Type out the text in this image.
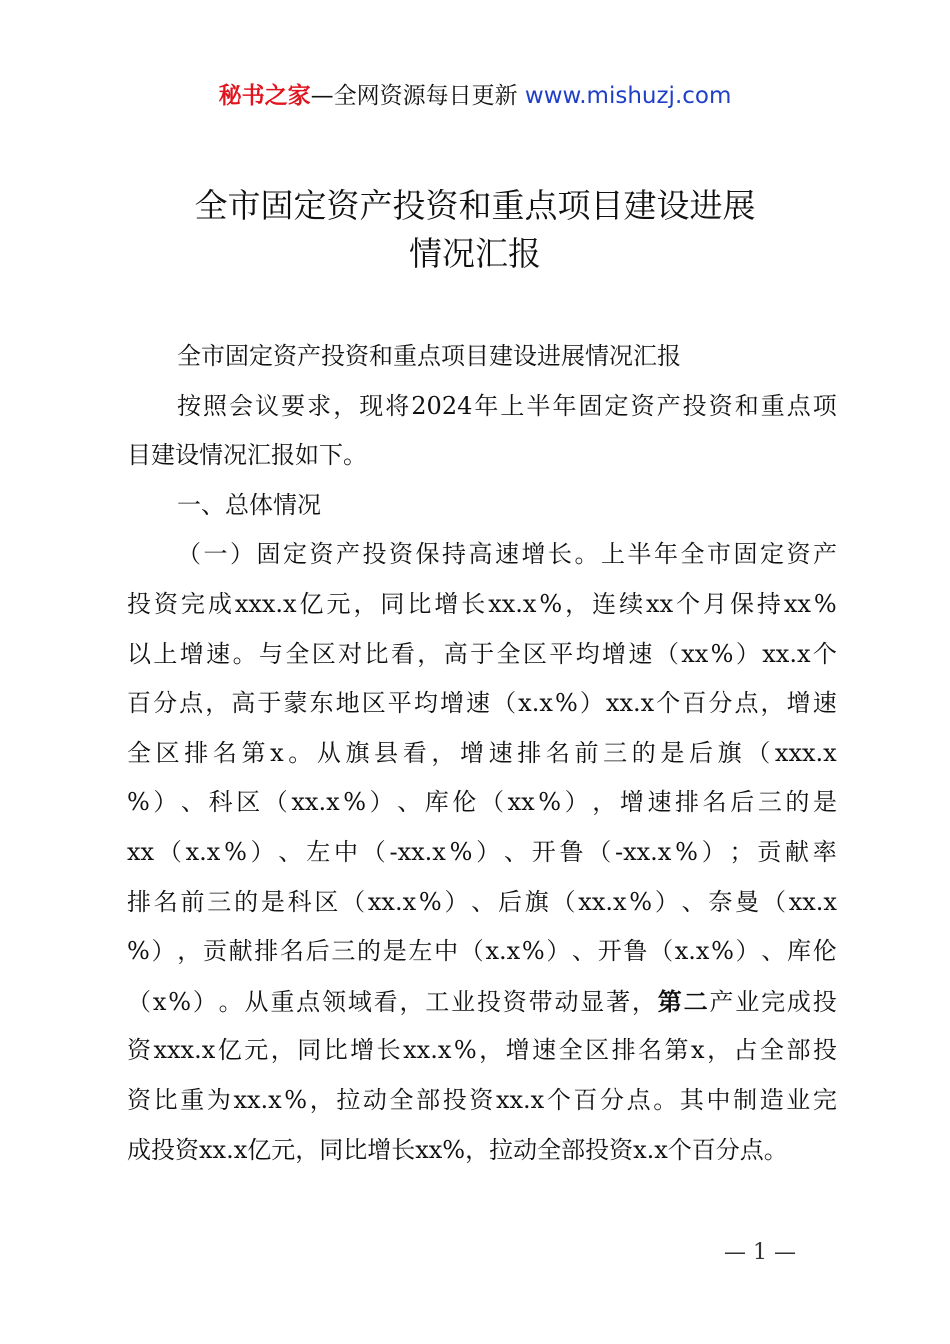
秘书之家—全网资源每日更新 www.mishuzj.com
全市固定资产投资和重点项目建设进展
情况汇报
全市固定资产投资和重点项目建设进展情况汇报
按 照 会 议 要 求 ， 现 将 2024 年 上 半 年 固 定 资 产 投 资 和 重 点 项
目建设情况汇报如下。
一、总体情况
（ 一 ） 固 定 资 产 投 资 保 持 高 速 增 长 。 上 半 年 全 市 固 定 资 产
投 资 完 成 xxx.x 亿 元 ， 同 比 增 长 xx.x % ， 连 续 xx 个 月 保 持 xx %
以 上 增 速 。 与 全 区 对 比 看 ， 高 于 全 区 平 均 增 速 （ xx % ） xx.x 个
百 分 点 ， 高 于 蒙 东 地 区 平 均 增 速 （ x.x % ） xx.x 个 百 分 点 ， 增 速
全 区 排 名 第 x 。 从 旗 县 看 ， 增 速 排 名 前 三 的 是 后 旗 （ xxx.x
% ） 、 科 区 （ xx.x % ） 、 库 伦 （ xx % ） ， 增 速 排 名 后 三 的 是
xx （ x.x % ） 、 左 中 （ -xx.x % ） 、 开 鲁 （ -xx.x % ） ； 贡 献 率
排 名 前 三 的 是 科 区 （ xx.x % ） 、 后 旗 （ xx.x % ） 、 奈 曼 （ xx.x
% ） ， 贡 献 排 名 后 三 的 是 左 中 （ x.x % ） 、 开 鲁 （ x.x % ） 、 库 伦
（ x % ） 。 从 重 点 领 域 看 ， 工 业 投 资 带 动 显 著 ， 第 二 产 业 完 成 投
资 xxx.x 亿 元 ， 同 比 增 长 xx.x % ， 增 速 全 区 排 名 第 x ， 占 全 部 投
资 比 重 为 xx.x % ， 拉 动 全 部 投 资 xx.x 个 百 分 点 。 其 中 制 造 业 完
成投资xx.x亿元，同比增长xx%，拉动全部投资x.x个百分点。
— 1 —
